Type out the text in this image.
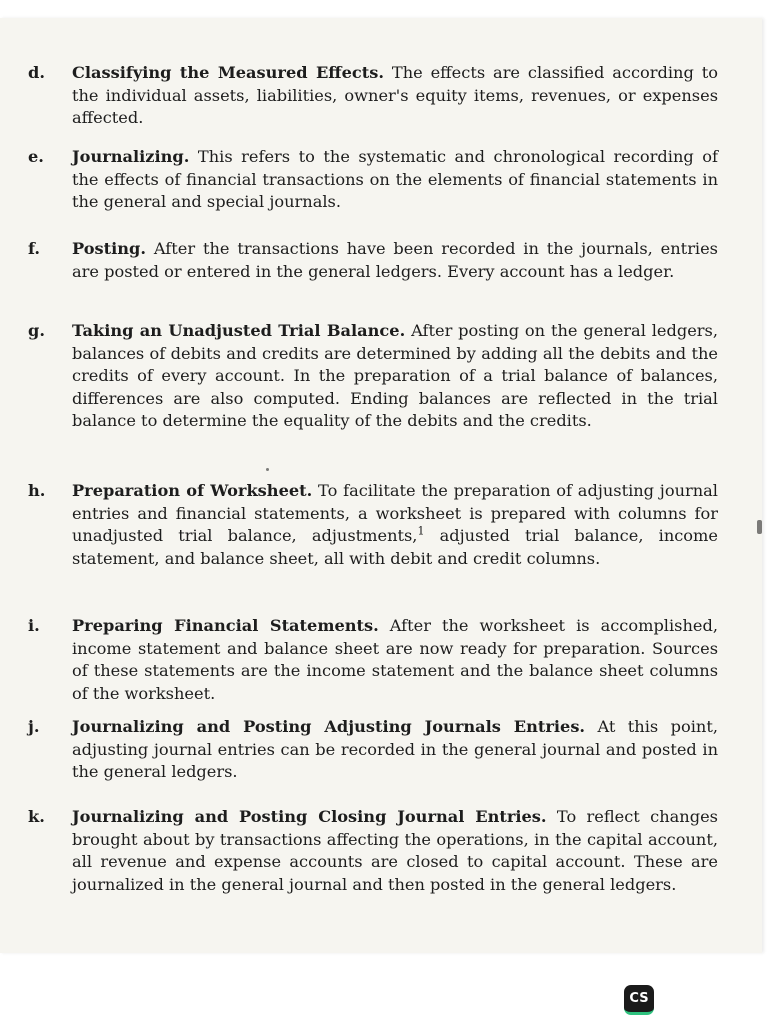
d. Classifying the Measured Effects. The effects are classified according to the individual assets, liabilities, owner's equity items, revenues, or expenses affected.
e. Journalizing. This refers to the systematic and chronological recording of the effects of financial transactions on the elements of financial statements in the general and special journals.
f. Posting. After the transactions have been recorded in the journals, entries are posted or entered in the general ledgers. Every account has a ledger.
g. Taking an Unadjusted Trial Balance. After posting on the general ledgers, balances of debits and credits are determined by adding all the debits and the credits of every account. In the preparation of a trial balance of balances, differences are also computed. Ending balances are reflected in the trial balance to determine the equality of the debits and the credits.
h. Preparation of Worksheet. To facilitate the preparation of adjusting journal entries and financial statements, a worksheet is prepared with columns for unadjusted trial balance, adjustments,$^1$ adjusted trial balance, income statement, and balance sheet, all with debit and credit columns.
i. Preparing Financial Statements. After the worksheet is accomplished, income statement and balance sheet are now ready for preparation. Sources of these statements are the income statement and the balance sheet columns of the worksheet.
j. Journalizing and Posting Adjusting Journals Entries. At this point, adjusting journal entries can be recorded in the general journal and posted in the general ledgers.
k. Journalizing and Posting Closing Journal Entries. To reflect changes brought about by transactions affecting the operations, in the capital account, all revenue and expense accounts are closed to capital account. These are journalized in the general journal and then posted in the general ledgers.
CS
